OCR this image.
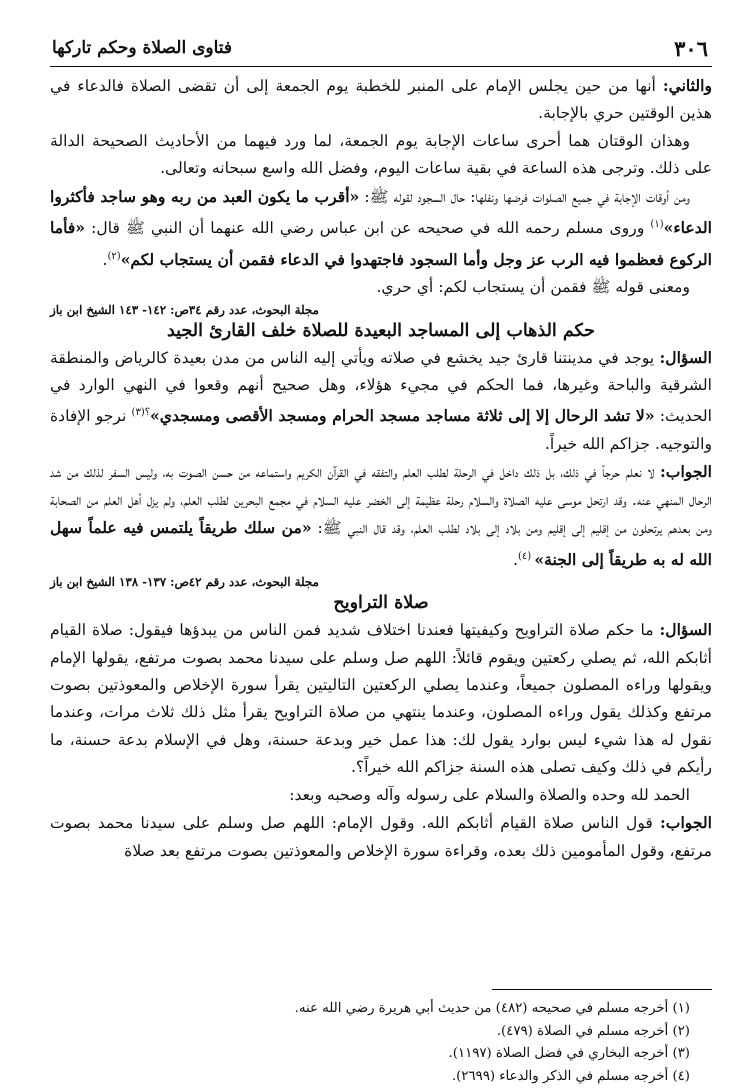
٣٠٦
فتاوى الصلاة وحكم تاركها

والثاني: أنها من حين يجلس الإمام على المنبر للخطبة يوم الجمعة إلى أن تقضى الصلاة فالدعاء في هذين الوقتين حري بالإجابة.

وهذان الوقتان هما أحرى ساعات الإجابة يوم الجمعة، لما ورد فيهما من الأحاديث الصحيحة الدالة على ذلك. وترجى هذه الساعة في بقية ساعات اليوم، وفضل الله واسع سبحانه وتعالى.

ومن أوقات الإجابة في جميع الصلوات فرضها ونفلها: حال السجود لقوله ﷺ: «أقرب ما يكون العبد من ربه وهو ساجد فأكثروا الدعاء»$^{(١)}$ وروى مسلم رحمه الله في صحيحه عن ابن عباس رضي الله عنهما أن النبي ﷺ قال: «فأما الركوع فعظموا فيه الرب عز وجل وأما السجود فاجتهدوا في الدعاء فقمن أن يستجاب لكم»$^{(٢)}$.

ومعنى قوله ﷺ فقمن أن يستجاب لكم: أي حري.

مجلة البحوث، عدد رقم ٣٤ص: ١٤٢- ١٤٣ الشيخ ابن باز

حكم الذهاب إلى المساجد البعيدة للصلاة خلف القارئ الجيد

السؤال: يوجد في مدينتنا قارئ جيد يخشع في صلاته ويأتي إليه الناس من مدن بعيدة كالرياض والمنطقة الشرقية والباحة وغيرها، فما الحكم في مجيء هؤلاء، وهل صحيح أنهم وقعوا في النهي الوارد في الحديث: «لا تشد الرحال إلا إلى ثلاثة مساجد مسجد الحرام ومسجد الأقصى ومسجدي»$^{؟(٣)}$ نرجو الإفادة والتوجيه. جزاكم الله خيراً.

الجواب: لا نعلم حرجاً في ذلك، بل ذلك داخل في الرحلة لطلب العلم والتفقه في القرآن الكريم واستماعه من حسن الصوت به، وليس السفر لذلك من شد الرحال المنهي عنه. وقد ارتحل موسى عليه الصلاة والسلام رحلة عظيمة إلى الخضر عليه السلام في مجمع البحرين لطلب العلم، ولم يزل أهل العلم من الصحابة ومن بعدهم يرتحلون من إقليم إلى إقليم ومن بلاد إلى بلاد لطلب العلم، وقد قال النبي ﷺ: «من سلك طريقاً يلتمس فيه علماً سهل الله له به طريقاً إلى الجنة» $^{(٤)}$.

مجلة البحوث، عدد رقم ٤٢ص: ١٣٧- ١٣٨ الشيخ ابن باز

صلاة التراويح

السؤال: ما حكم صلاة التراويح وكيفيتها فعندنا اختلاف شديد فمن الناس من يبدؤها فيقول: صلاة القيام أثابكم الله، ثم يصلي ركعتين ويقوم قائلاً: اللهم صل وسلم على سيدنا محمد بصوت مرتفع، يقولها الإمام ويقولها وراءه المصلون جميعاً، وعندما يصلي الركعتين التاليتين يقرأ سورة الإخلاص والمعوذتين بصوت مرتفع وكذلك يقول وراءه المصلون، وعندما ينتهي من صلاة التراويح يقرأ مثل ذلك ثلاث مرات، وعندما نقول له هذا شيء ليس بوارد يقول لك: هذا عمل خير وبدعة حسنة، وهل في الإسلام بدعة حسنة، ما رأيكم في ذلك وكيف تصلى هذه السنة جزاكم الله خيراً؟.

الحمد لله وحده والصلاة والسلام على رسوله وآله وصحبه وبعد:

الجواب: قول الناس صلاة القيام أثابكم الله. وقول الإمام: اللهم صل وسلم على سيدنا محمد بصوت مرتفع، وقول المأمومين ذلك بعده، وقراءة سورة الإخلاص والمعوذتين بصوت مرتفع بعد صلاة

(١) أخرجه مسلم في صحيحه (٤٨٢) من حديث أبي هريرة رضي الله عنه.
(٢) أخرجه مسلم في الصلاة (٤٧٩).
(٣) أخرجه البخاري في فضل الصلاة (١١٩٧).
(٤) أخرجه مسلم في الذكر والدعاء (٢٦٩٩).
